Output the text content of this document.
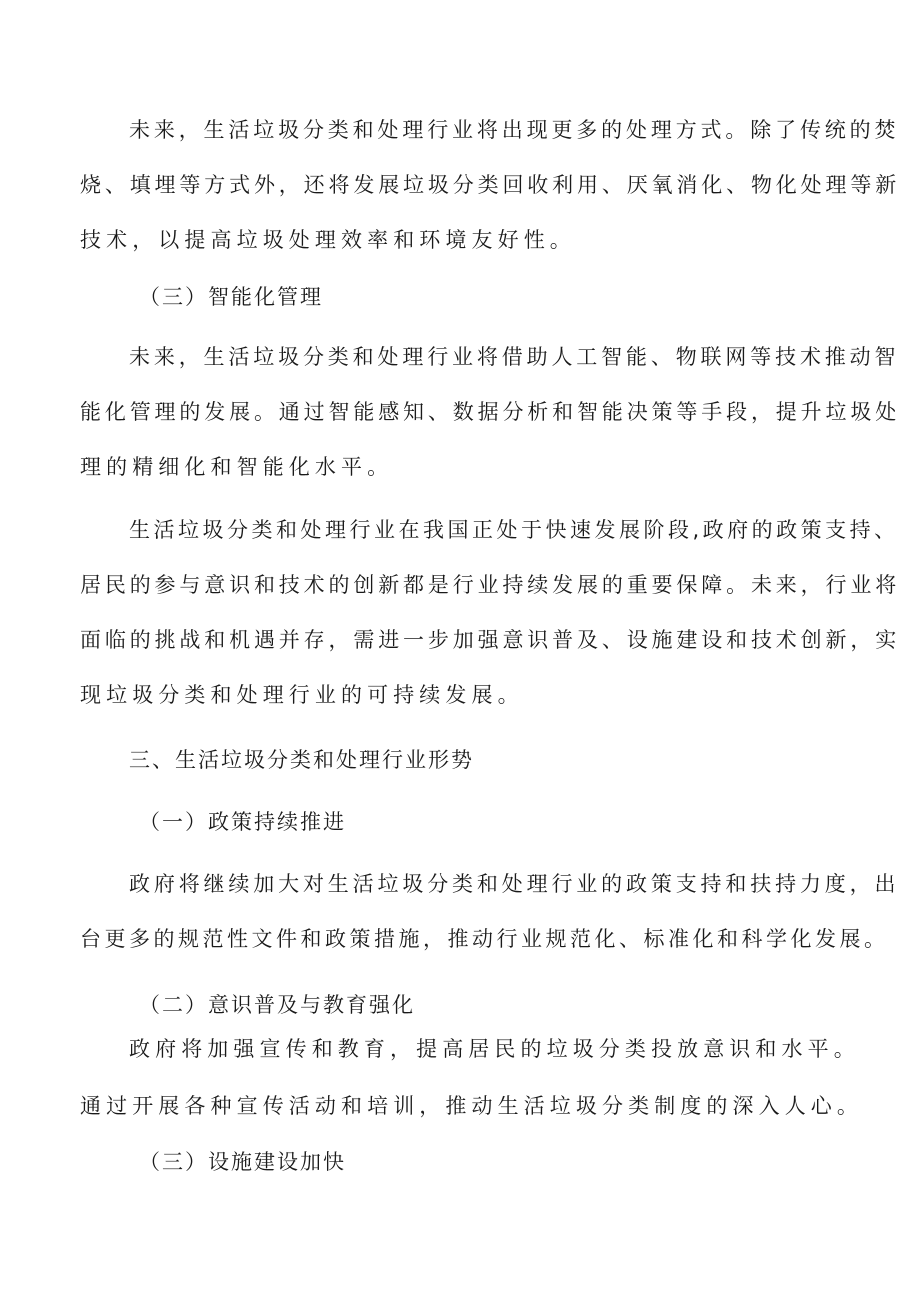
未来，生活垃圾分类和处理行业将出现更多的处理方式。除了传统的焚
烧、填埋等方式外，还将发展垃圾分类回收利用、厌氧消化、物化处理等新
技术，以提高垃圾处理效率和环境友好性。
（三）智能化管理
未来，生活垃圾分类和处理行业将借助人工智能、物联网等技术推动智
能化管理的发展。通过智能感知、数据分析和智能决策等手段，提升垃圾处
理的精细化和智能化水平。
生活垃圾分类和处理行业在我国正处于快速发展阶段,政府的政策支持、
居民的参与意识和技术的创新都是行业持续发展的重要保障。未来，行业将
面临的挑战和机遇并存，需进一步加强意识普及、设施建设和技术创新，实
现垃圾分类和处理行业的可持续发展。
三、生活垃圾分类和处理行业形势
（一）政策持续推进
政府将继续加大对生活垃圾分类和处理行业的政策支持和扶持力度，出
台更多的规范性文件和政策措施，推动行业规范化、标准化和科学化发展。
（二）意识普及与教育强化
政府将加强宣传和教育，提高居民的垃圾分类投放意识和水平。
通过开展各种宣传活动和培训，推动生活垃圾分类制度的深入人心。
（三）设施建设加快
